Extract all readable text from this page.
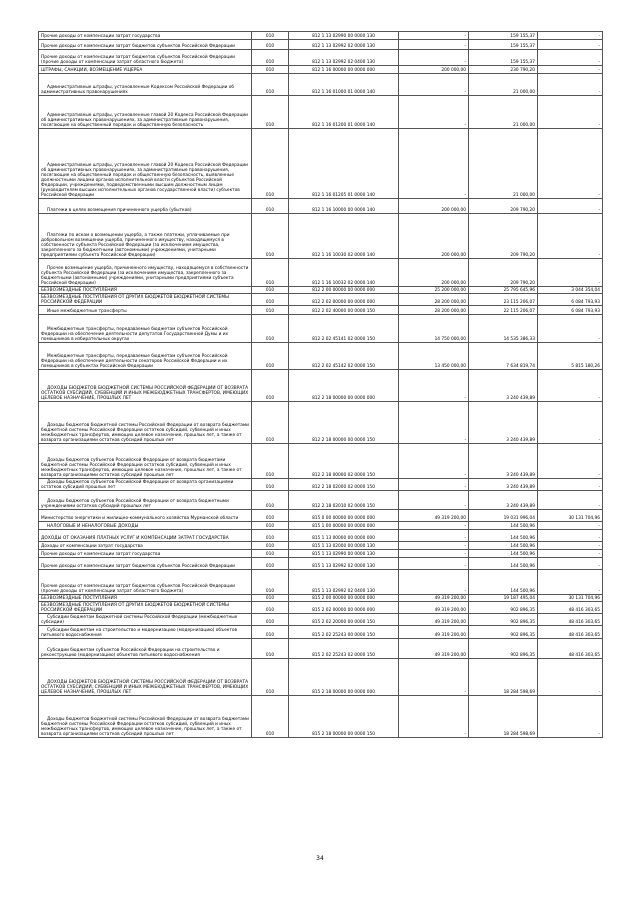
Прочие доходы от компенсации затрат государства	010	812 1 13 02990 00 0000 130	-	159 155,37	-
Прочие доходы от компенсации затрат бюджетов субъектов Российской Федерации	010	812 1 13 02992 02 0000 130	-	159 155,37	-
Прочие доходы от компенсации затрат бюджетов субъектов Российской Федерации (прочие доходы от компенсации затрат областного бюджета)	010	812 1 13 02992 02 0400 130	-	159 155,37	-
ШТРАФЫ, САНКЦИИ, ВОЗМЕЩЕНИЕ УЩЕРБА	010	812 1 16 00000 00 0000 000	200 000,00	230 790,20	-
Административные штрафы, установленные Кодексом Российской Федерации об административных правонарушениях	010	812 1 16 01000 01 0000 140	-	21 000,00	-
Административные штрафы, установленные главой 20 Кодекса Российской Федерации об административных правонарушениях, за административные правонарушения, посягающие на общественный порядок и общественную безопасность	010	812 1 16 01200 01 0000 140	-	21 000,00	-
Административные штрафы, установленные главой 20 Кодекса Российской Федерации об административных правонарушениях, за административные правонарушения, посягающие на общественный порядок и общественную безопасность, выявленные должностными лицами органов исполнительной власти субъектов Российской Федерации, учреждениями, подведомственными высшим должностным лицам (руководителям высших исполнительных органов государственной власти) субъектов Российской Федерации	010	812 1 16 01205 01 0000 140	-	21 000,00	-
Платежи в целях возмещения причиненного ущерба (убытков)	010	812 1 16 10000 00 0000 140	200 000,00	209 790,20	-
Платежи по искам о возмещении ущерба, а также платежи, уплачиваемые при добровольном возмещении ущерба, причиненного имуществу, находящемуся в собственности субъекта Российской Федерации (за исключением имущества, закрепленного за бюджетными (автономными) учреждениями, унитарными предприятиями субъекта Российской Федерации)	010	812 1 16 10030 02 0000 140	200 000,00	209 790,20	-
Прочее возмещение ущерба, причиненного имуществу, находящемуся в собственности субъекта Российской Федерации (за исключением имущества, закрепленного за бюджетными (автономными) учреждениями, унитарными предприятиями субъекта Российской Федерации)	010	812 1 16 10032 02 0000 140	200 000,00	209 790,20	-
БЕЗВОЗМЕЗДНЫЕ ПОСТУПЛЕНИЯ	010	812 2 00 00000 00 0000 000	25 200 000,00	25 795 645,96	3 044 354,04
БЕЗВОЗМЕЗДНЫЕ ПОСТУПЛЕНИЯ ОТ ДРУГИХ БЮДЖЕТОВ БЮДЖЕТНОЙ СИСТЕМЫ РОССИЙСКОЙ ФЕДЕРАЦИИ	010	812 2 02 00000 00 0000 000	28 200 000,00	23 115 206,07	6 084 793,93
Иные межбюджетные трансферты	010	812 2 02 40000 00 0000 150	28 200 000,00	22 115 206,07	6 084 793,93
Межбюджетные трансферты, передаваемые бюджетам субъектов Российской Федерации на обеспечение деятельности депутатов Государственной Думы и их помощников в избирательных округах	010	812 2 02 45141 02 0000 150	14 750 000,00	14 535 386,33	-
Межбюджетные трансферты, передаваемые бюджетам субъектов Российской Федерации на обеспечение деятельности сенаторов Российской Федерации и их помощников в субъектах Российской Федерации	010	812 2 02 45142 02 0000 150	13 450 000,00	7 634 819,74	5 815 180,26
ДОХОДЫ БЮДЖЕТОВ БЮДЖЕТНОЙ СИСТЕМЫ РОССИЙСКОЙ ФЕДЕРАЦИИ ОТ ВОЗВРАТА ОСТАТКОВ СУБСИДИЙ, СУБВЕНЦИЙ И ИНЫХ МЕЖБЮДЖЕТНЫХ ТРАНСФЕРТОВ, ИМЕЮЩИХ ЦЕЛЕВОЕ НАЗНАЧЕНИЕ, ПРОШЛЫХ ЛЕТ	010	812 2 18 00000 00 0000 000	-	3 240 439,89	-
Доходы бюджетов бюджетной системы Российской Федерации от возврата бюджетами бюджетной системы Российской Федерации остатков субсидий, субвенций и иных межбюджетных трансфертов, имеющих целевое назначение, прошлых лет, а также от возврата организациями остатков субсидий прошлых лет	010	812 2 18 00000 00 0000 150	-	3 240 439,89	-
Доходы бюджетов субъектов Российской Федерации от возврата бюджетами бюджетной системы Российской Федерации остатков субсидий, субвенций и иных межбюджетных трансфертов, имеющих целевое назначение, прошлых лет, а также от возврата организациями остатков субсидий прошлых лет	010	812 2 18 00000 02 0000 150	-	3 240 439,89	-
Доходы бюджетов субъектов Российской Федерации от возврата организациями остатков субсидий прошлых лет	010	812 2 18 02000 02 0000 150	-	3 240 439,89	-
Доходы бюджетов субъектов Российской Федерации от возврата бюджетными учреждениями остатков субсидий прошлых лет	010	812 2 18 02010 02 0000 150	-	3 240 439,89	-
Министерство энергетики и жилищно-коммунального хозяйства Мурманской области	010	815 0 00 00000 00 0000 000	49 319 200,00	19 031 996,04	30 131 704,96
НАЛОГОВЫЕ И НЕНАЛОГОВЫЕ ДОХОДЫ	010	815 1 00 00000 00 0000 000	-	144 500,96	-
ДОХОДЫ ОТ ОКАЗАНИЯ ПЛАТНЫХ УСЛУГ И КОМПЕНСАЦИИ ЗАТРАТ ГОСУДАРСТВА	010	815 1 13 00000 00 0000 000	-	144 500,96	-
Доходы от компенсации затрат государства	010	815 1 13 02000 00 0000 130	-	144 500,96	-
Прочие доходы от компенсации затрат государства	010	815 1 13 02990 00 0000 130	-	144 500,96	-
Прочие доходы от компенсации затрат бюджетов субъектов Российской Федерации	010	815 1 13 02992 02 0000 130	-	144 500,96	-
Прочие доходы от компенсации затрат бюджетов субъектов Российской Федерации (прочие доходы от компенсации затрат областного бюджета)	010	815 1 13 02992 02 0400 130	-	144 500,96	-
БЕЗВОЗМЕЗДНЫЕ ПОСТУПЛЕНИЯ	010	815 2 00 00000 00 0000 000	49 319 200,00	19 187 495,04	30 131 704,96
БЕЗВОЗМЕЗДНЫЕ ПОСТУПЛЕНИЯ ОТ ДРУГИХ БЮДЖЕТОВ БЮДЖЕТНОЙ СИСТЕМЫ РОССИЙСКОЙ ФЕДЕРАЦИИ	010	815 2 02 00000 00 0000 000	49 319 200,00	902 896,35	48 416 303,65
Субсидии бюджетам бюджетной системы Российской Федерации (межбюджетные субсидии)	010	815 2 02 20000 00 0000 150	49 319 200,00	902 896,35	48 416 303,65
Субсидии бюджетам на строительство и модернизацию (модернизацию) объектов питьевого водоснабжения	010	815 2 02 25243 00 0000 150	49 319 200,00	902 896,35	48 416 303,65
Субсидии бюджетам субъектов Российской Федерации на строительство и реконструкцию (модернизацию) объектов питьевого водоснабжения	010	815 2 02 25243 02 0000 150	49 319 200,00	902 896,35	48 416 303,65
ДОХОДЫ БЮДЖЕТОВ БЮДЖЕТНОЙ СИСТЕМЫ РОССИЙСКОЙ ФЕДЕРАЦИИ ОТ ВОЗВРАТА ОСТАТКОВ СУБСИДИЙ, СУБВЕНЦИЙ И ИНЫХ МЕЖБЮДЖЕТНЫХ ТРАНСФЕРТОВ, ИМЕЮЩИХ ЦЕЛЕВОЕ НАЗНАЧЕНИЕ, ПРОШЛЫХ ЛЕТ	010	815 2 18 00000 00 0000 000	-	18 284 598,69	-
Доходы бюджетов бюджетной системы Российской Федерации от возврата бюджетами бюджетной системы Российской Федерации остатков субсидий, субвенций и иных межбюджетных трансфертов, имеющих целевое назначение, прошлых лет, а также от возврата организациями остатков субсидий прошлых лет	010	815 2 18 00000 00 0000 150	-	18 284 598,69	-
34
